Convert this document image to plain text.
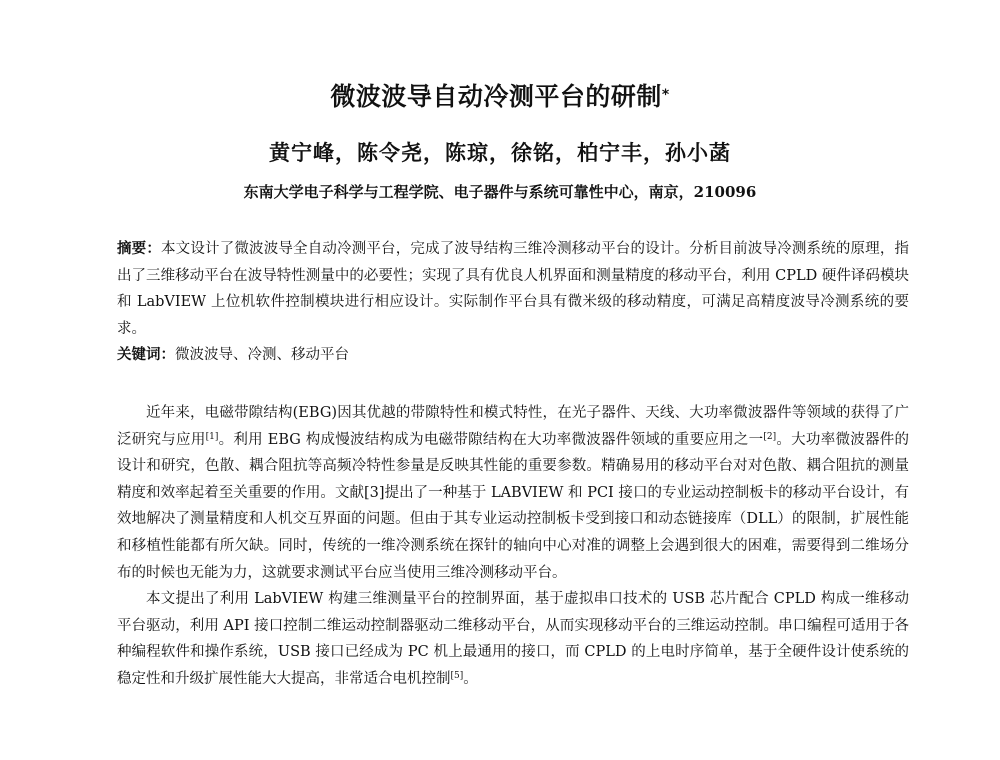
微波波导自动冷测平台的研制*
黄宁峰，陈令尧，陈琼，徐铭，柏宁丰，孙小菡
东南大学电子科学与工程学院、电子器件与系统可靠性中心，南京，210096
摘要：本文设计了微波波导全自动冷测平台，完成了波导结构三维冷测移动平台的设计。分析目前波导冷测系统的原理，指出了三维移动平台在波导特性测量中的必要性；实现了具有优良人机界面和测量精度的移动平台，利用 CPLD 硬件译码模块和 LabVIEW 上位机软件控制模块进行相应设计。实际制作平台具有微米级的移动精度，可满足高精度波导冷测系统的要求。
关键词：微波波导、冷测、移动平台

近年来，电磁带隙结构(EBG)因其优越的带隙特性和模式特性，在光子器件、天线、大功率微波器件等领域的获得了广泛研究与应用[1]。利用 EBG 构成慢波结构成为电磁带隙结构在大功率微波器件领域的重要应用之一[2]。大功率微波器件的设计和研究，色散、耦合阻抗等高频冷特性参量是反映其性能的重要参数。精确易用的移动平台对对色散、耦合阻抗的测量精度和效率起着至关重要的作用。文献[3]提出了一种基于 LABVIEW 和 PCI 接口的专业运动控制板卡的移动平台设计，有效地解决了测量精度和人机交互界面的问题。但由于其专业运动控制板卡受到接口和动态链接库（DLL）的限制，扩展性能和移植性能都有所欠缺。同时，传统的一维冷测系统在探针的轴向中心对准的调整上会遇到很大的困难，需要得到二维场分布的时候也无能为力，这就要求测试平台应当使用三维冷测移动平台。

本文提出了利用 LabVIEW 构建三维测量平台的控制界面，基于虚拟串口技术的 USB 芯片配合 CPLD 构成一维移动平台驱动，利用 API 接口控制二维运动控制器驱动二维移动平台，从而实现移动平台的三维运动控制。串口编程可适用于各种编程软件和操作系统，USB 接口已经成为 PC 机上最通用的接口，而 CPLD 的上电时序简单，基于全硬件设计使系统的稳定性和升级扩展性能大大提高，非常适合电机控制[5]。
